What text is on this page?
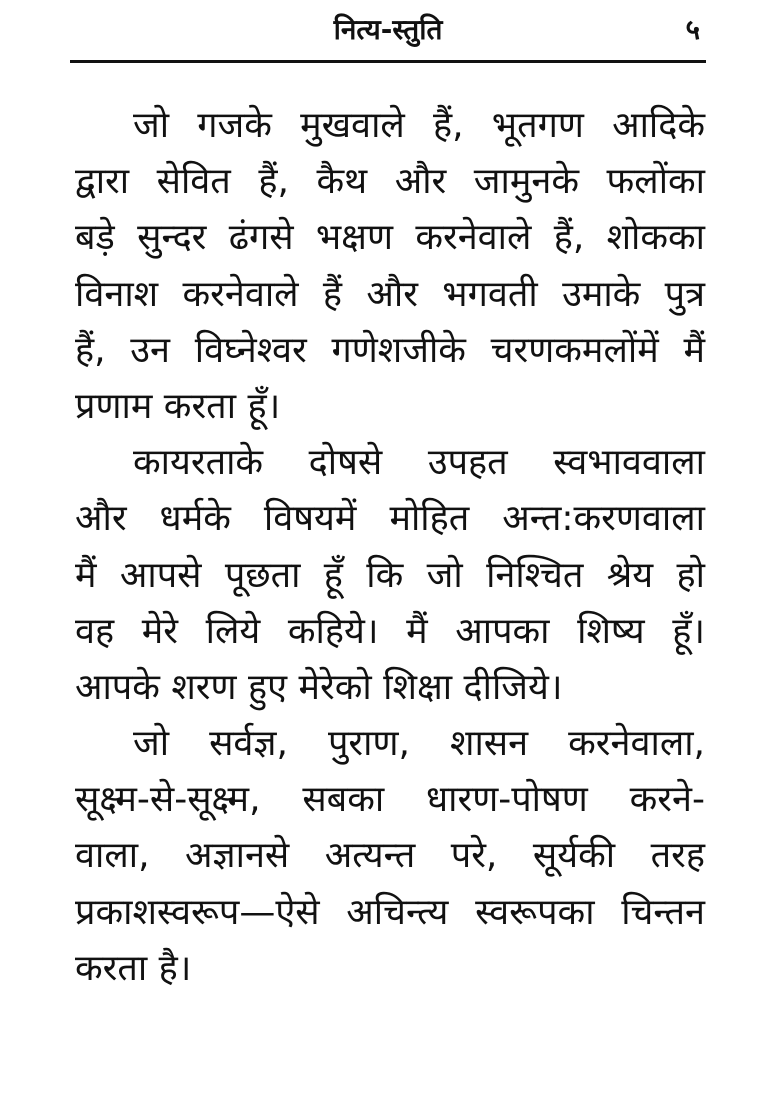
नित्य-स्तुति	५
जो गजके मुखवाले हैं, भूतगण आदिके
द्वारा सेवित हैं, कैथ और जामुनके फलोंका
बड़े सुन्दर ढंगसे भक्षण करनेवाले हैं, शोकका
विनाश करनेवाले हैं और भगवती उमाके पुत्र
हैं, उन विघ्नेश्वर गणेशजीके चरणकमलोंमें मैं
प्रणाम करता हूँ।
कायरताके दोषसे उपहत स्वभाववाला
और धर्मके विषयमें मोहित अन्त:करणवाला
मैं आपसे पूछता हूँ कि जो निश्चित श्रेय हो
वह मेरे लिये कहिये। मैं आपका शिष्य हूँ।
आपके शरण हुए मेरेको शिक्षा दीजिये।
जो सर्वज्ञ, पुराण, शासन करनेवाला,
सूक्ष्म-से-सूक्ष्म, सबका धारण-पोषण करने-
वाला, अज्ञानसे अत्यन्त परे, सूर्यकी तरह
प्रकाशस्वरूप—ऐसे अचिन्त्य स्वरूपका चिन्तन
करता है।
